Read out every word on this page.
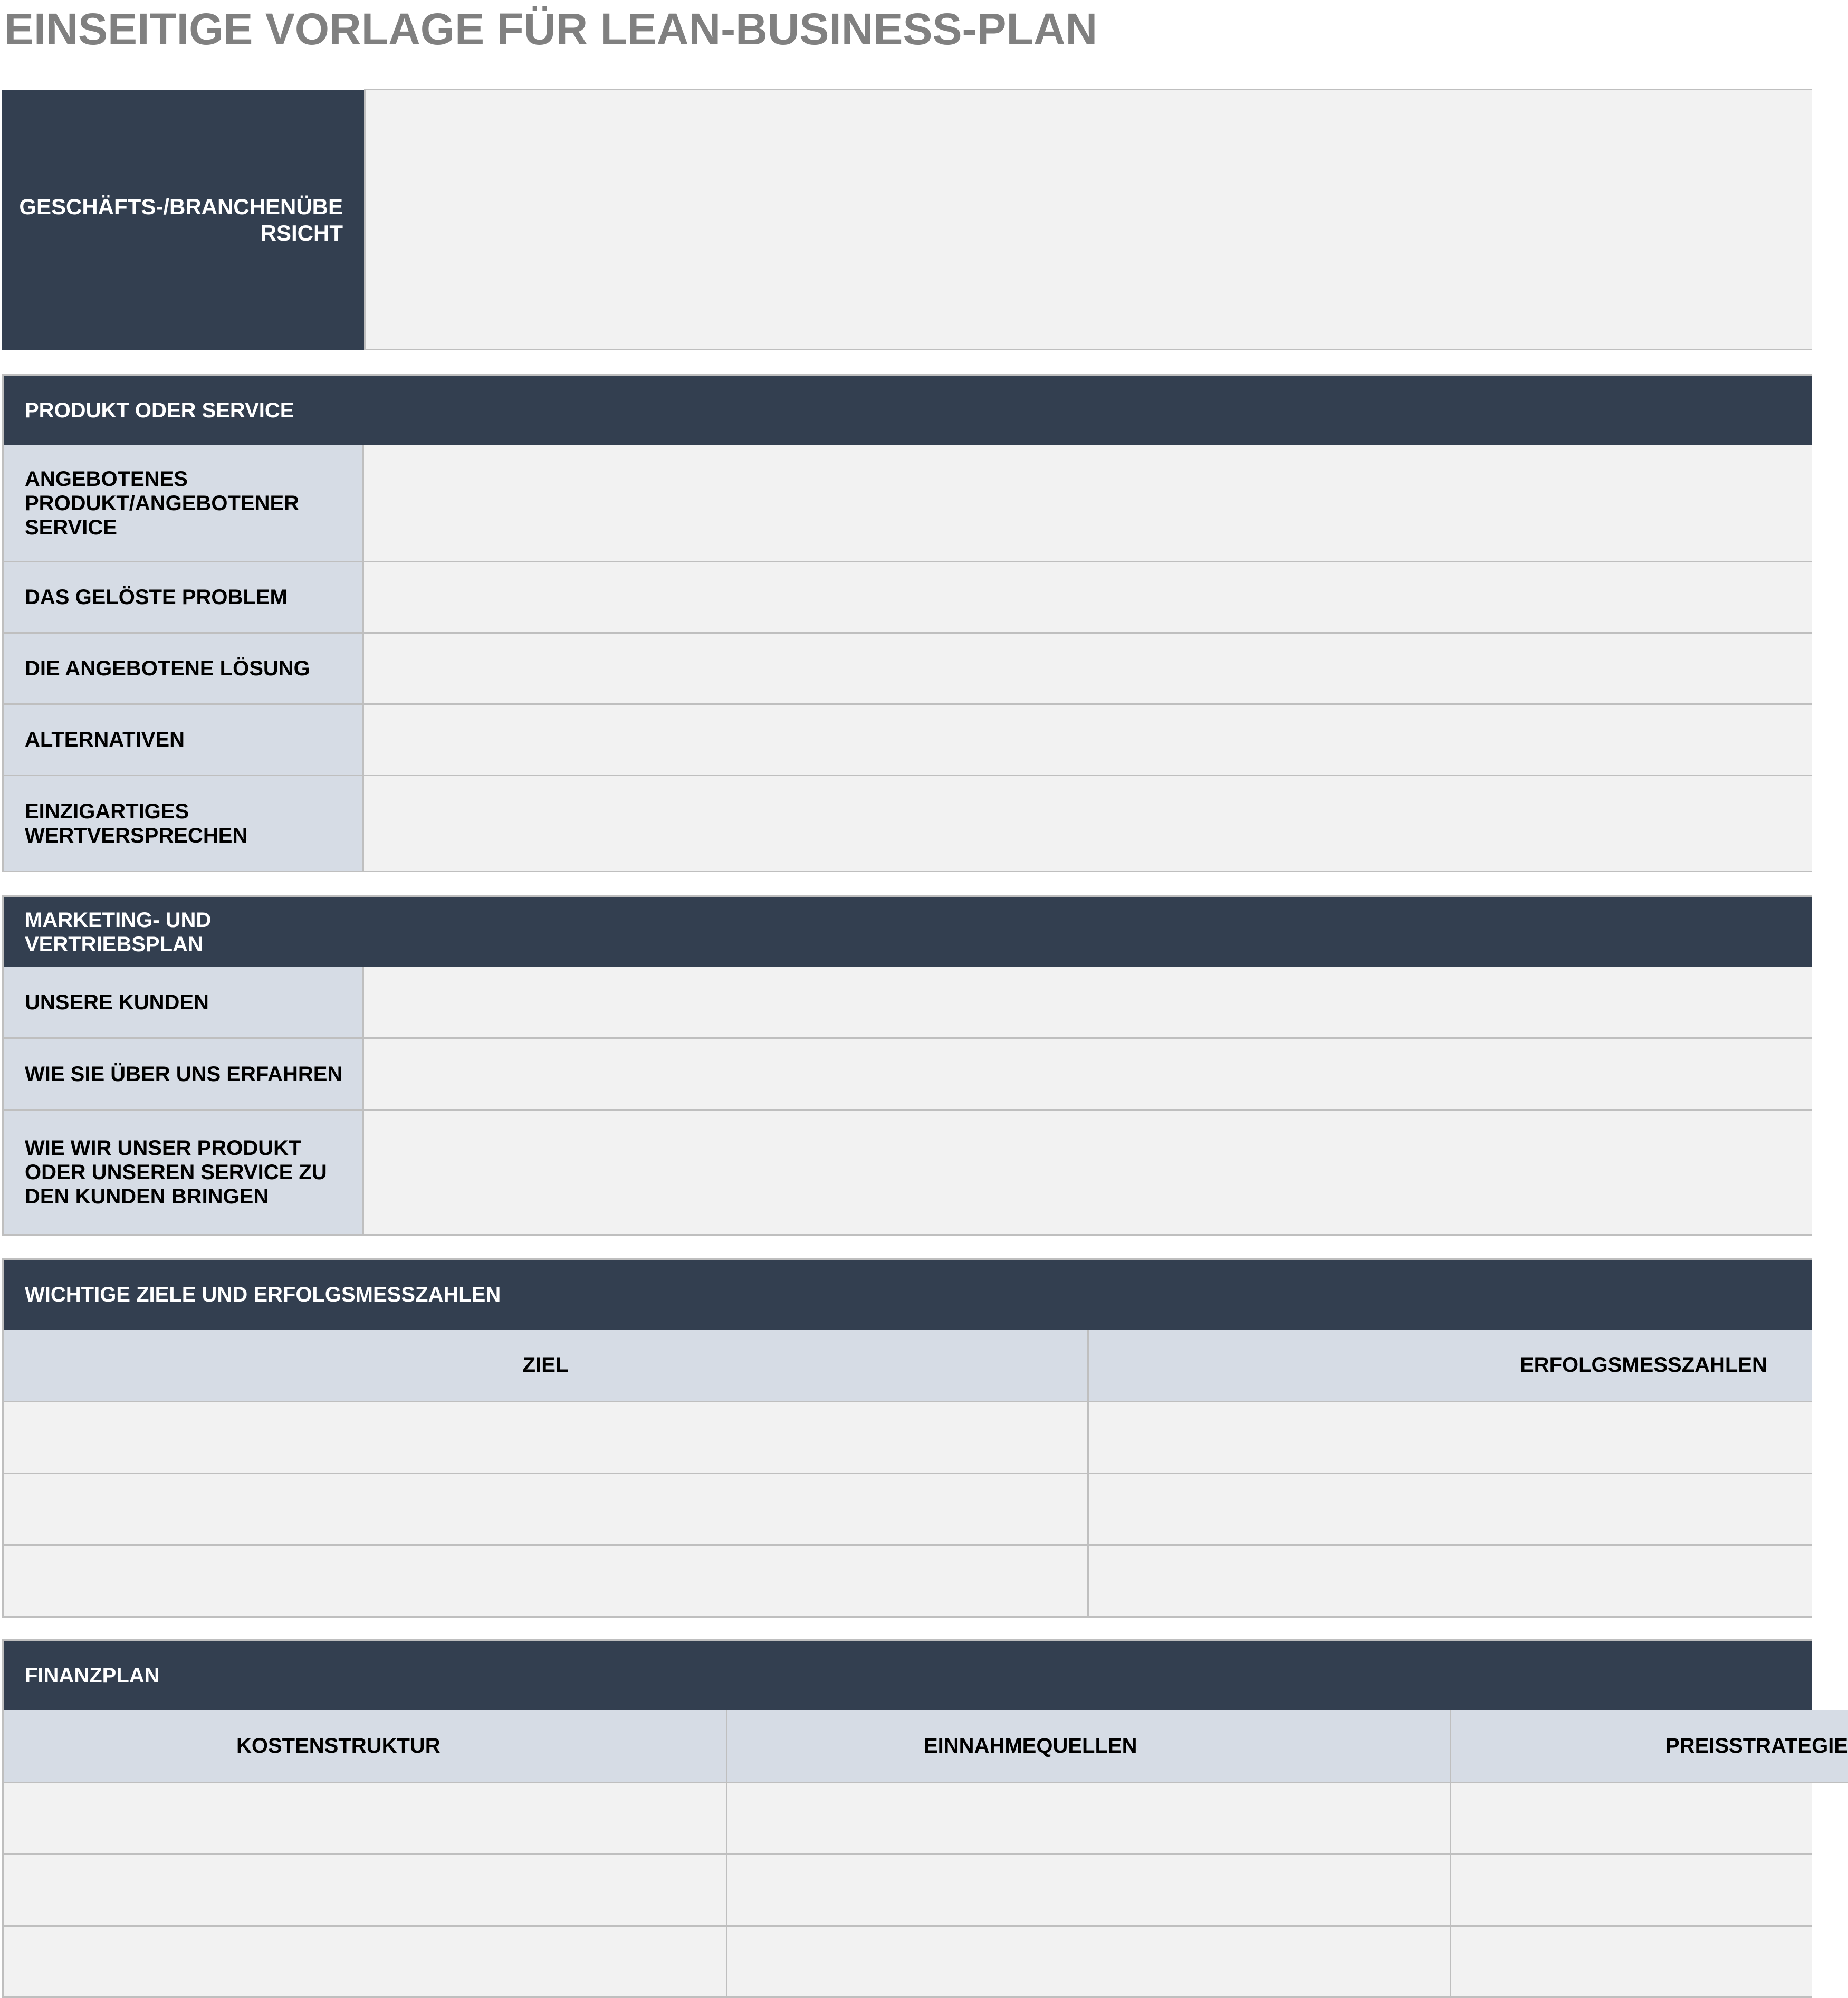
EINSEITIGE VORLAGE FÜR LEAN-BUSINESS-PLAN
GESCHÄFTS-/BRANCHENÜBERSICHT
PRODUKT ODER SERVICE
ANGEBOTENES PRODUKT/ANGEBOTENER SERVICE
DAS GELÖSTE PROBLEM
DIE ANGEBOTENE LÖSUNG
ALTERNATIVEN
EINZIGARTIGES WERTVERSPRECHEN
MARKETING- UND VERTRIEBSPLAN
UNSERE KUNDEN
WIE SIE ÜBER UNS ERFAHREN
WIE WIR UNSER PRODUKT ODER UNSEREN SERVICE ZU DEN KUNDEN BRINGEN
WICHTIGE ZIELE UND ERFOLGSMESSZAHLEN
ZIEL	ERFOLGSMESSZAHLEN
FINANZPLAN
KOSTENSTRUKTUR	EINNAHMEQUELLEN	PREISSTRATEGIE
